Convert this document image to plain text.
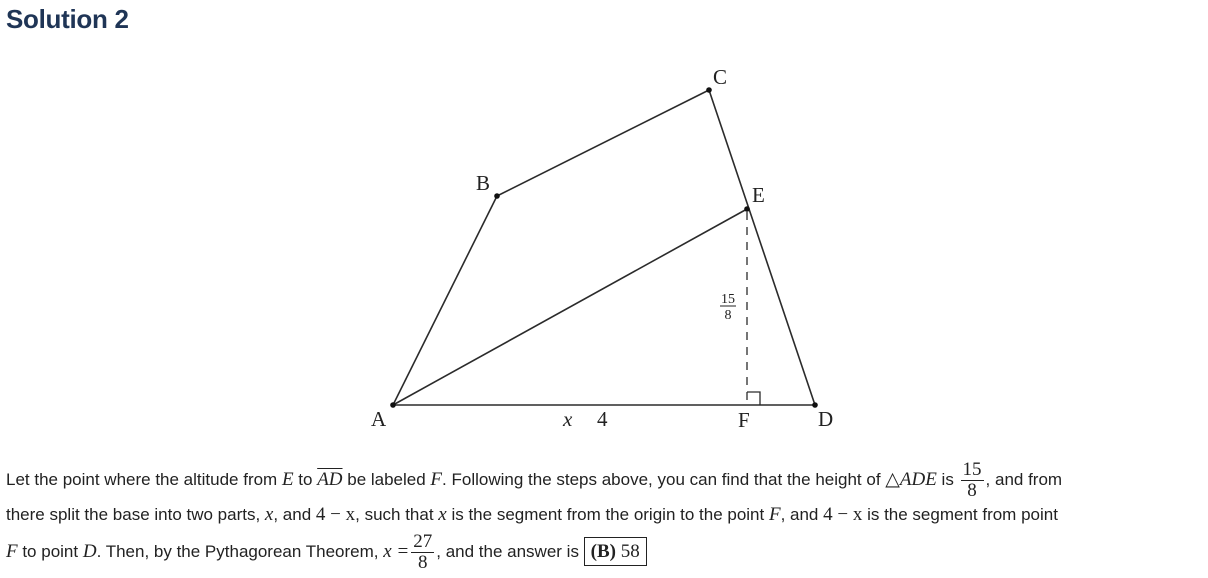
Solution 2
A
B
C
D
E
F
x 4
15
8
Let the point where the altitude from E to $\overline{AD}$ be labeled F. Following the steps above, you can find that the height of △ADE is $\frac{15}{8}$ , and from
there split the base into two parts, x, and 4 − x, such that x is the segment from the origin to the point F, and 4 − x is the segment from point
F to point D. Then, by the Pythagorean Theorem, $x = \frac{27}{8}$ , and the answer is (B) 58
